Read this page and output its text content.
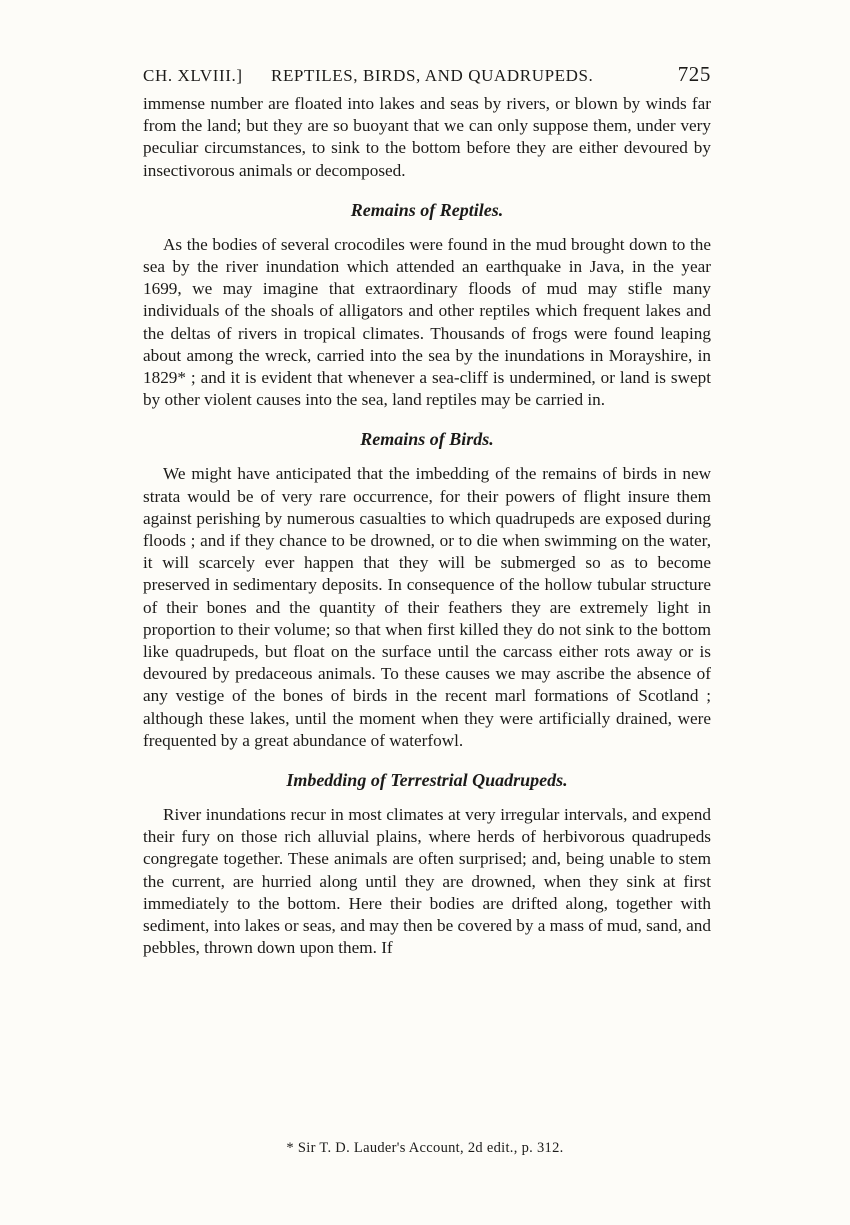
CH. XLVIII.] REPTILES, BIRDS, AND QUADRUPEDS.	725

immense number are floated into lakes and seas by rivers, or blown by winds far from the land; but they are so buoyant that we can only suppose them, under very peculiar circumstances, to sink to the bottom before they are either devoured by insectivorous animals or decomposed.

Remains of Reptiles.

As the bodies of several crocodiles were found in the mud brought down to the sea by the river inundation which attended an earthquake in Java, in the year 1699, we may imagine that extraordinary floods of mud may stifle many individuals of the shoals of alligators and other reptiles which frequent lakes and the deltas of rivers in tropical climates. Thousands of frogs were found leaping about among the wreck, carried into the sea by the inundations in Morayshire, in 1829* ; and it is evident that whenever a sea-cliff is undermined, or land is swept by other violent causes into the sea, land reptiles may be carried in.

Remains of Birds.

We might have anticipated that the imbedding of the remains of birds in new strata would be of very rare occurrence, for their powers of flight insure them against perishing by numerous casualties to which quadrupeds are exposed during floods ; and if they chance to be drowned, or to die when swimming on the water, it will scarcely ever happen that they will be submerged so as to become preserved in sedimentary deposits. In consequence of the hollow tubular structure of their bones and the quantity of their feathers they are extremely light in proportion to their volume; so that when first killed they do not sink to the bottom like quadrupeds, but float on the surface until the carcass either rots away or is devoured by predaceous animals. To these causes we may ascribe the absence of any vestige of the bones of birds in the recent marl formations of Scotland ; although these lakes, until the moment when they were artificially drained, were frequented by a great abundance of waterfowl.

Imbedding of Terrestrial Quadrupeds.

River inundations recur in most climates at very irregular intervals, and expend their fury on those rich alluvial plains, where herds of herbivorous quadrupeds congregate together. These animals are often surprised; and, being unable to stem the current, are hurried along until they are drowned, when they sink at first immediately to the bottom. Here their bodies are drifted along, together with sediment, into lakes or seas, and may then be covered by a mass of mud, sand, and pebbles, thrown down upon them. If

* Sir T. D. Lauder's Account, 2d edit., p. 312.
